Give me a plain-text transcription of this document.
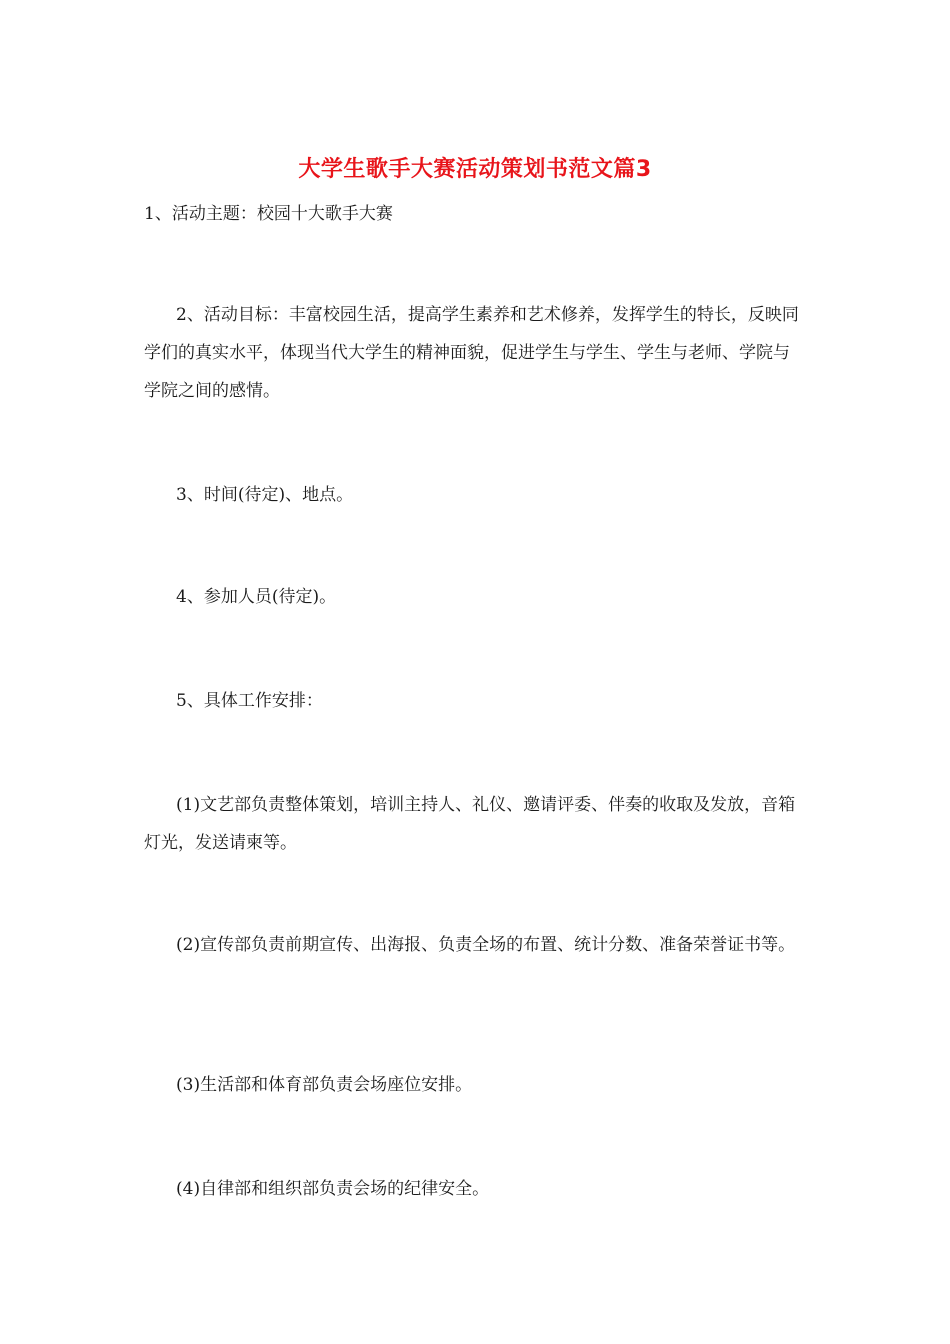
大学生歌手大赛活动策划书范文篇3

1、活动主题：校园十大歌手大赛

2、活动目标：丰富校园生活，提高学生素养和艺术修养，发挥学生的特长，反映同学们的真实水平，体现当代大学生的精神面貌，促进学生与学生、学生与老师、学院与学院之间的感情。

3、时间(待定)、地点。

4、参加人员(待定)。

5、具体工作安排：

(1)文艺部负责整体策划，培训主持人、礼仪、邀请评委、伴奏的收取及发放，音箱灯光，发送请柬等。

(2)宣传部负责前期宣传、出海报、负责全场的布置、统计分数、准备荣誉证书等。

(3)生活部和体育部负责会场座位安排。

(4)自律部和组织部负责会场的纪律安全。
